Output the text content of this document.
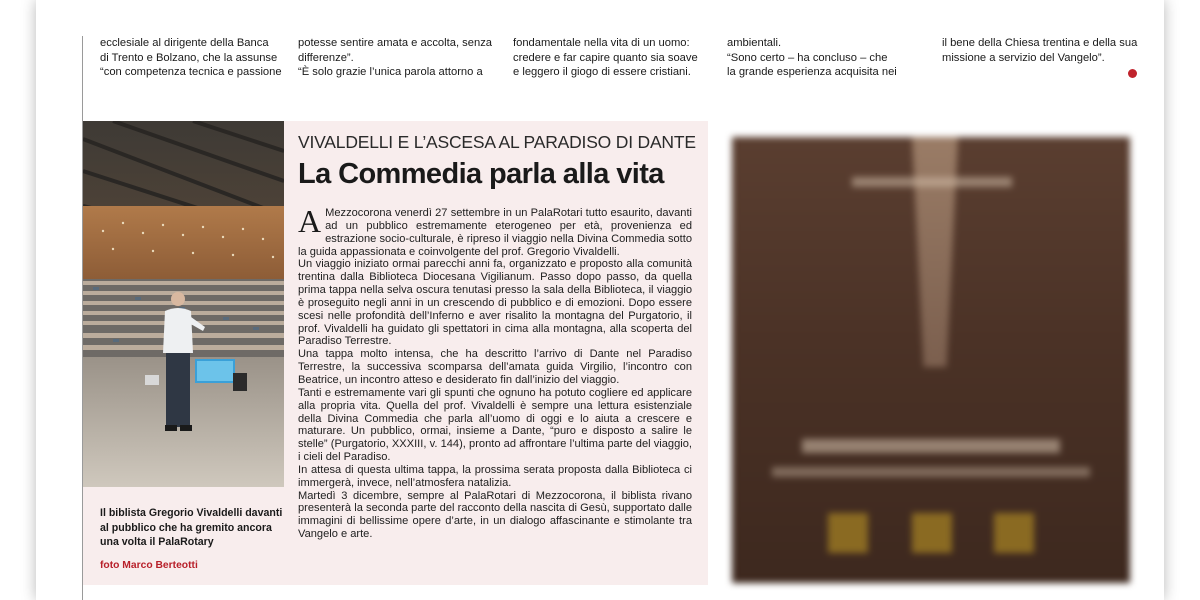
ecclesiale al dirigente della Banca

di Trento e Bolzano, che la assunse

“con competenza tecnica e passione

potesse sentire amata e accolta, senza

differenze”.

“È solo grazie l’unica parola attorno a

fondamentale nella vita di un uomo:

credere e far capire quanto sia soave

e leggero il giogo di essere cristiani.

ambientali.

“Sono certo – ha concluso – che

la grande esperienza acquisita nei

il bene della Chiesa trentina e della sua

missione a servizio del Vangelo”.

Il biblista Gregorio Vivaldelli davanti al pubblico che ha gremito ancora una volta il PalaRotary

foto Marco Berteotti

VIVALDELLI E L’ASCESA AL PARADISO DI DANTE

La Commedia parla alla vita

A Mezzocorona venerdì 27 settembre in un PalaRotari tutto esaurito, davanti ad un pubblico estremamente eterogeneo per età, provenienza ed estrazione socio-culturale, è ripreso il viaggio nella Divina Commedia sotto la guida appassionata e coinvolgente del prof. Gregorio Vivaldelli.

Un viaggio iniziato ormai parecchi anni fa, organizzato e proposto alla comunità trentina dalla Biblioteca Diocesana Vigilianum. Passo dopo passo, da quella prima tappa nella selva oscura tenutasi presso la sala della Biblioteca, il viaggio è proseguito negli anni in un crescendo di pubblico e di emozioni. Dopo essere scesi nelle profondità dell’Inferno e aver risalito la montagna del Purgatorio, il prof. Vivaldelli ha guidato gli spettatori in cima alla montagna, alla scoperta del Paradiso Terrestre.

Una tappa molto intensa, che ha descritto l’arrivo di Dante nel Paradiso Terrestre, la successiva scomparsa dell’amata guida Virgilio, l’incontro con Beatrice, un incontro atteso e desiderato fin dall’inizio del viaggio.

Tanti e estremamente vari gli spunti che ognuno ha potuto cogliere ed applicare alla propria vita. Quella del prof. Vivaldelli è sempre una lettura esistenziale della Divina Commedia che parla all’uomo di oggi e lo aiuta a crescere e maturare. Un pubblico, ormai, insieme a Dante, “puro e disposto a salire le stelle” (Purgatorio, XXXIII, v. 144), pronto ad affrontare l’ultima parte del viaggio, i cieli del Paradiso.

In attesa di questa ultima tappa, la prossima serata proposta dalla Biblioteca ci immergerà, invece, nell’atmosfera natalizia.

Martedì 3 dicembre, sempre al PalaRotari di Mezzocorona, il biblista rivano presenterà la seconda parte del racconto della nascita di Gesù, supportato dalle immagini di bellissime opere d’arte, in un dialogo affascinante e stimolante tra Vangelo e arte.
